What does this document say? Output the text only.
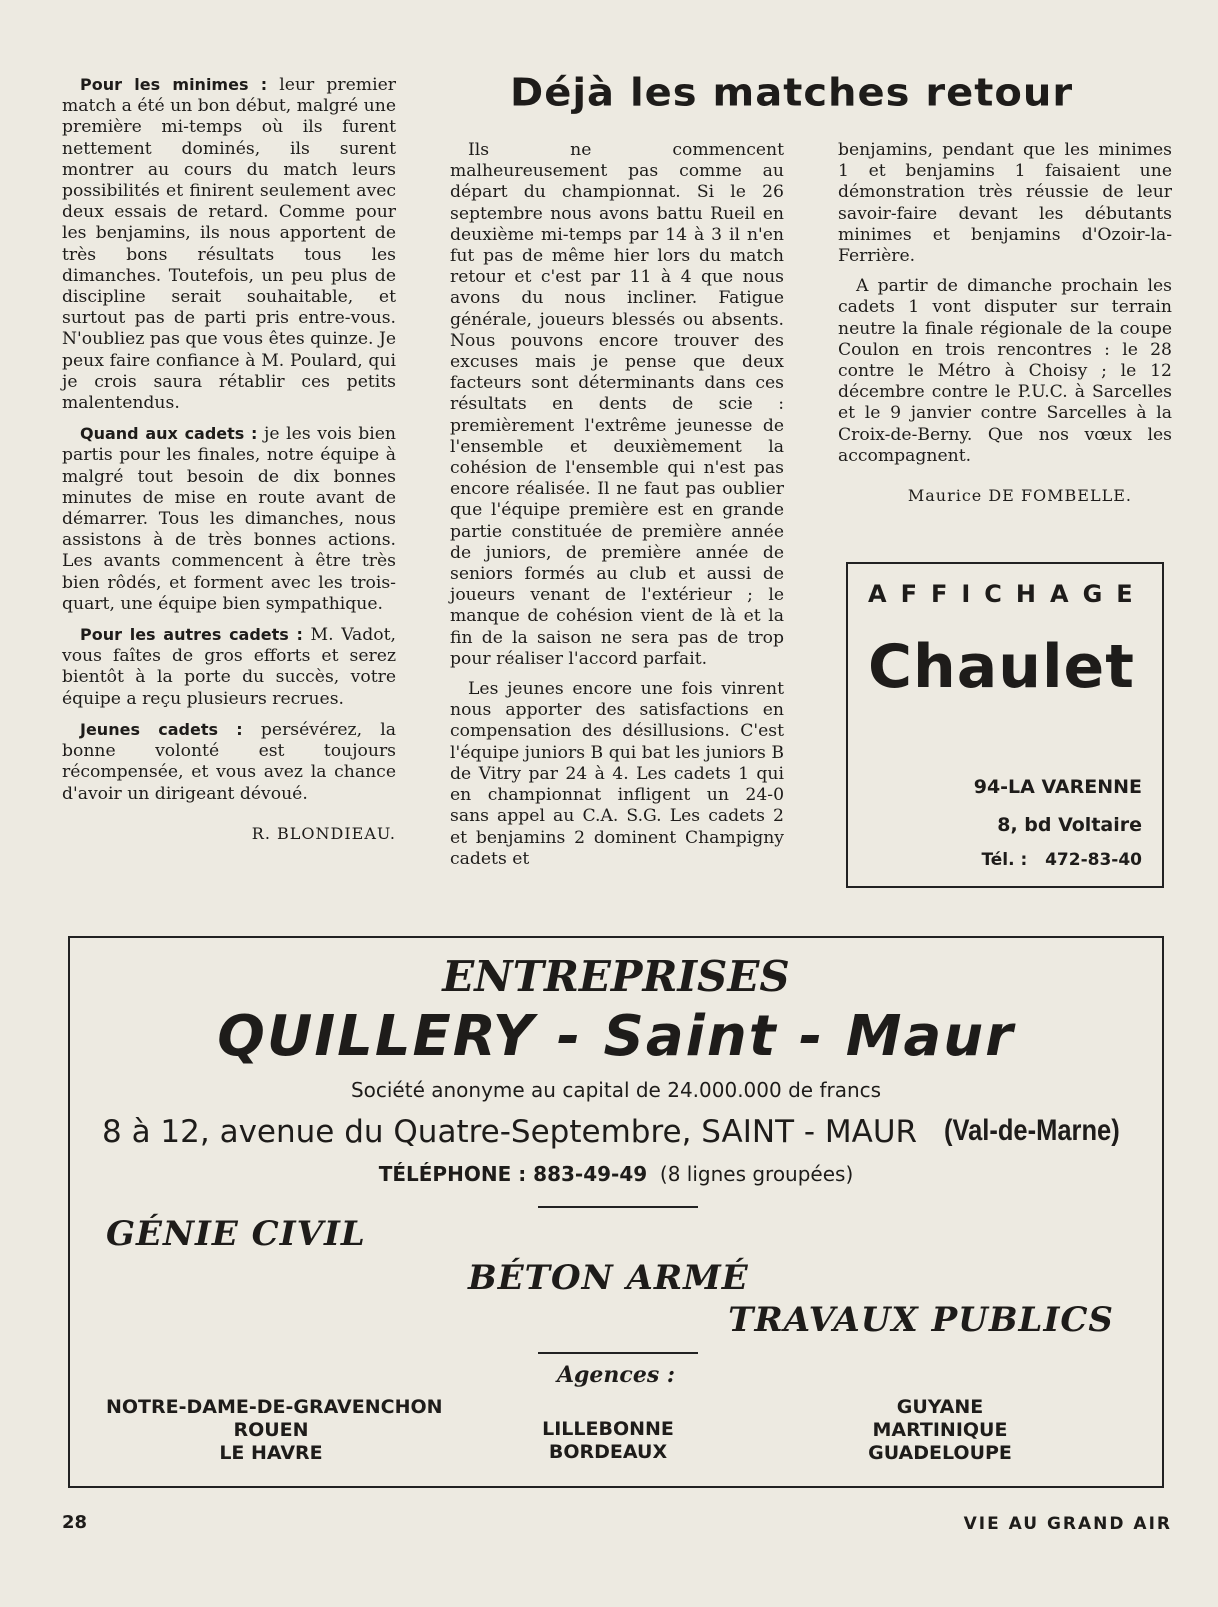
Déjà les matches retour

Pour les minimes : leur premier match a été un bon début, malgré une première mi-temps où ils furent nettement dominés, ils surent montrer au cours du match leurs possibilités et finirent seulement avec deux essais de retard. Comme pour les benjamins, ils nous apportent de très bons résultats tous les dimanches. Toutefois, un peu plus de discipline serait souhaitable, et surtout pas de parti pris entre-vous. N'oubliez pas que vous êtes quinze. Je peux faire confiance à M. Poulard, qui je crois saura rétablir ces petits malentendus.

Quand aux cadets : je les vois bien partis pour les finales, notre équipe à malgré tout besoin de dix bonnes minutes de mise en route avant de démarrer. Tous les dimanches, nous assistons à de très bonnes actions. Les avants commencent à être très bien rôdés, et forment avec les trois-quart, une équipe bien sympathique.

Pour les autres cadets : M. Vadot, vous faîtes de gros efforts et serez bientôt à la porte du succès, votre équipe a reçu plusieurs recrues.

Jeunes cadets : persévérez, la bonne volonté est toujours récompensée, et vous avez la chance d'avoir un dirigeant dévoué.

R. BLONDIEAU.

Ils ne commencent malheureusement pas comme au départ du championnat. Si le 26 septembre nous avons battu Rueil en deuxième mi-temps par 14 à 3 il n'en fut pas de même hier lors du match retour et c'est par 11 à 4 que nous avons du nous incliner. Fatigue générale, joueurs blessés ou absents. Nous pouvons encore trouver des excuses mais je pense que deux facteurs sont déterminants dans ces résultats en dents de scie : premièrement l'extrême jeunesse de l'ensemble et deuxièmement la cohésion de l'ensemble qui n'est pas encore réalisée. Il ne faut pas oublier que l'équipe première est en grande partie constituée de première année de juniors, de première année de seniors formés au club et aussi de joueurs venant de l'extérieur ; le manque de cohésion vient de là et la fin de la saison ne sera pas de trop pour réaliser l'accord parfait.

Les jeunes encore une fois vinrent nous apporter des satisfactions en compensation des désillusions. C'est l'équipe juniors B qui bat les juniors B de Vitry par 24 à 4. Les cadets 1 qui en championnat infligent un 24-0 sans appel au C.A. S.G. Les cadets 2 et benjamins 2 dominent Champigny cadets et

benjamins, pendant que les minimes 1 et benjamins 1 faisaient une démonstration très réussie de leur savoir-faire devant les débutants minimes et benjamins d'Ozoir-la-Ferrière.

A partir de dimanche prochain les cadets 1 vont disputer sur terrain neutre la finale régionale de la coupe Coulon en trois rencontres : le 28 contre le Métro à Choisy ; le 12 décembre contre le P.U.C. à Sarcelles et le 9 janvier contre Sarcelles à la Croix-de-Berny. Que nos vœux les accompagnent.

Maurice DE FOMBELLE.
AFFICHAGE
Chaulet
94-LA VARENNE
8, bd Voltaire
Tél. : 472-83-40
ENTREPRISES
QUILLERY - Saint - Maur
Société anonyme au capital de 24.000.000 de francs
8 à 12, avenue du Quatre-Septembre, SAINT - MAUR (Val-de-Marne)
TÉLÉPHONE : 883-49-49 (8 lignes groupées)
GÉNIE CIVIL
BÉTON ARMÉ
TRAVAUX PUBLICS
Agences :
NOTRE-DAME-DE-GRAVENCHON
ROUEN
LE HAVRE
LILLEBONNE
BORDEAUX
GUYANE
MARTINIQUE
GUADELOUPE
28	VIE AU GRAND AIR
